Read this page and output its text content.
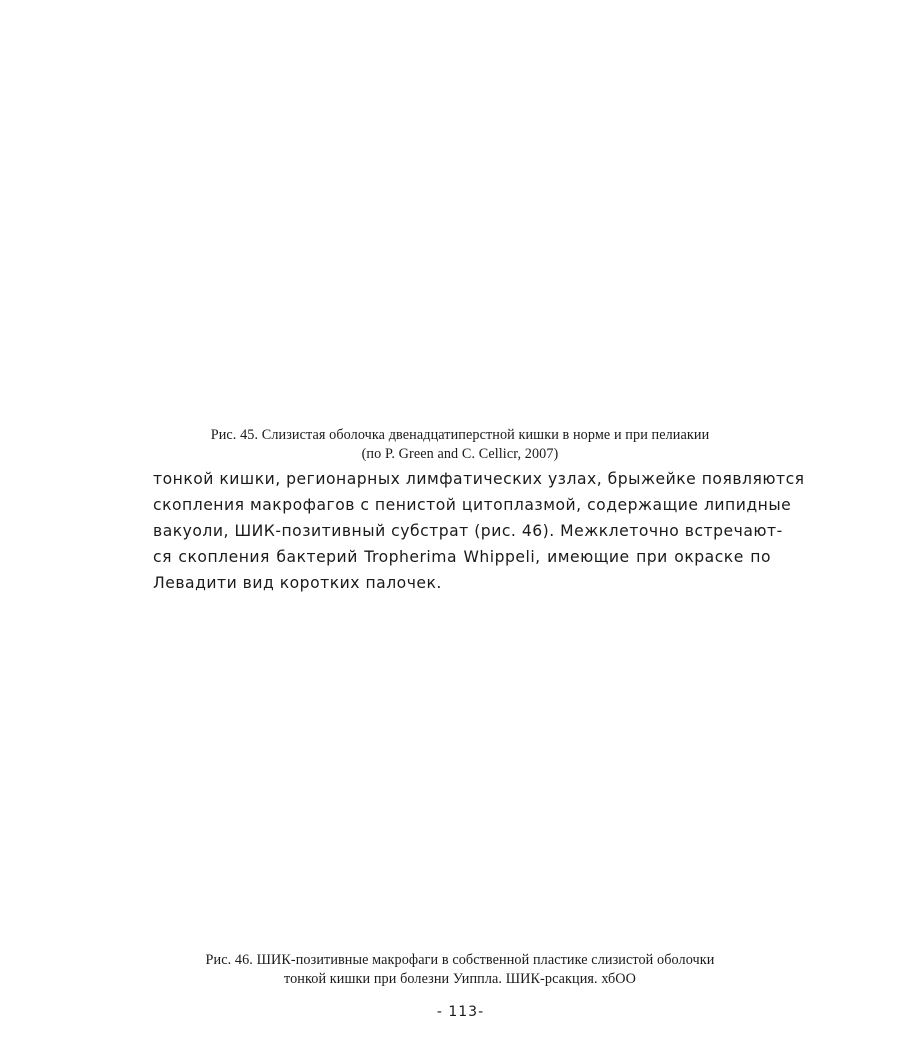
Рис. 45. Слизистая оболочка двенадцатиперстной кишки в норме и при пелиакии
(по P. Green and C. Cellicr, 2007)
тонкой кишки, регионарных лимфатических узлах, брыжейке появляются
скопления макрофагов с пенистой цитоплазмой, содержащие липидные
вакуоли, ШИК-позитивный субстрат (рис. 46). Межклеточно встречают-
ся скопления бактерий Tropherima Whippeli, имеющие при окраске по
Левадити вид коротких палочек.
Рис. 46. ШИК-позитивные макрофаги в собственной пластике слизистой оболочки
тонкой кишки при болезни Уиппла. ШИК-рсакция. хбОО
- 113-
